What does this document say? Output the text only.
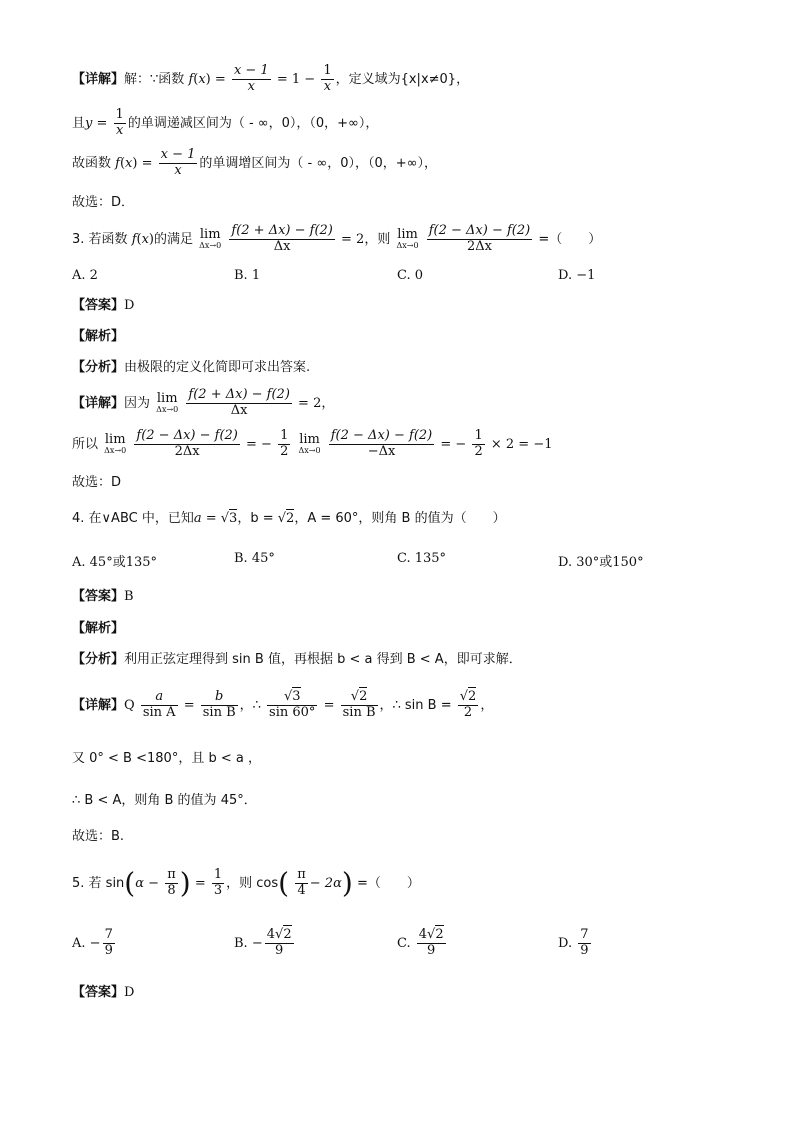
【详解】解：∵函数 $f(x) = \frac{x - 1}{x} = 1 - \frac{1}{x}$ ，定义域为{x|x≠0}，
且$y = \frac{1}{x}$ 的单调递减区间为（ - ∞，0），（0，+∞），
故函数 $f(x) = \frac{x - 1}{x}$ 的单调增区间为（ - ∞，0），（0，+∞），
故选：D．
3. 若函数 f(x)的满足 lim
Δx→0
$\frac{f(2 + \Delta x) - f(2)}{\Delta x} = 2$，则 lim
Δx→0
$\frac{f(2 - \Delta x) - f(2)}{2\Delta x}$ =（　　）
A. 2	B. 1	C. 0	D. −1
【答案】D
【解析】
【分析】由极限的定义化简即可求出答案.
【详解】因为 lim
Δx→0
$\frac{f(2 + \Delta x) - f(2)}{\Delta x} = 2$，
所以 lim
Δx→0
$\frac{f(2 - \Delta x) - f(2)}{2\Delta x}$ = − $\frac{1}{2}$
lim
Δx→0
$\frac{f(2 - \Delta x) - f(2)}{-\Delta x}$ = − $\frac{1}{2} \times 2 = -1$
故选：D
4. 在∨ABC 中，已知a = √3，b = √2，A = 60°，则角 B 的值为（　　）
A. 45°或135°	B. 45°	C. 135°	D. 30°或150°
【答案】B
【解析】
【分析】利用正弦定理得到 sin B 值，再根据 b < a 得到 B < A，即可求解．
【详解】Q $\frac{a}{\text{sin A}} = \frac{b}{\text{sin B}}$ ，∴ $\frac{√3}{\sin 60^\circ} = \frac{√2}{\text{sin B}}$ ，∴ $\sin B = \frac{√2}{2}$ ，
又 0° < B <180°，且 b < a ，
∴ B < A，则角 B 的值为 45°．
故选：B.
5. 若 $\sin(\alpha - \frac{\pi}{8}$ ) = $\frac{1}{3}$ ，则 $\cos( \frac{\pi}{4} - 2\alpha)$ =（　　）
A. − $\frac{7}{9}$	B. − $\frac{4√2}{9}$	C. $\frac{4√2}{9}$	D. $\frac{7}{9}$
【答案】D
